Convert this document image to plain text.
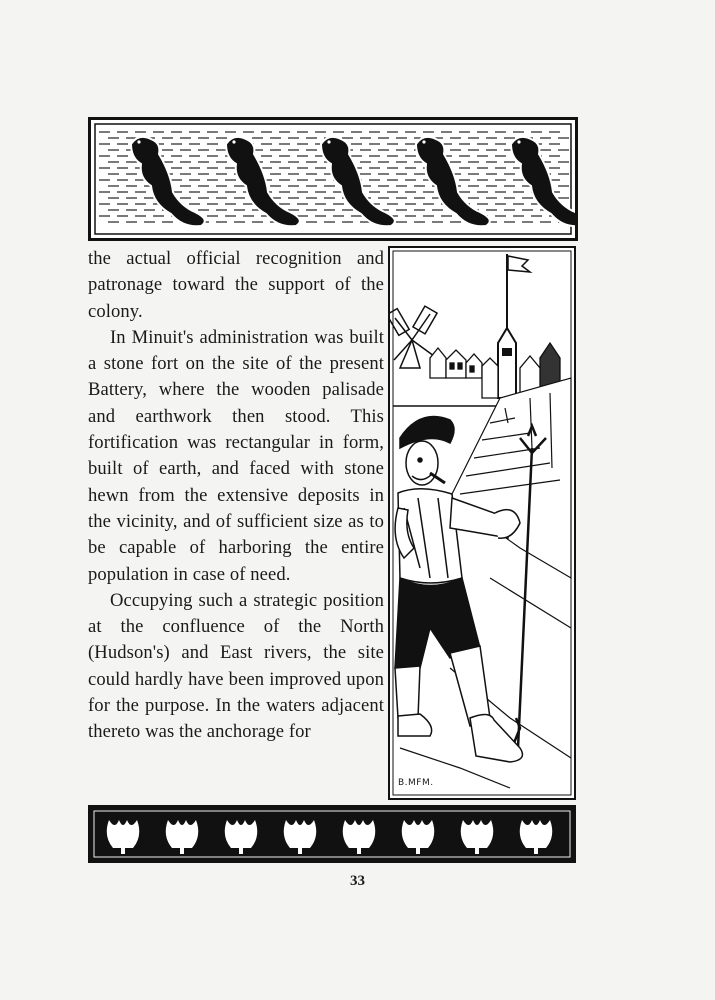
the actual official recognition and patronage toward the support of the colony.

In Minuit's administration was built a stone fort on the site of the present Battery, where the wooden palisade and earthwork then stood. This fortification was rectangular in form, built of earth, and faced with stone hewn from the extensive deposits in the vicinity, and of sufficient size as to be capable of harboring the entire population in case of need.

Occupying such a strategic position at the confluence of the North (Hudson's) and East rivers, the site could hardly have been improved upon for the purpose. In the waters adjacent thereto was the anchorage for

B.MFM.
33
